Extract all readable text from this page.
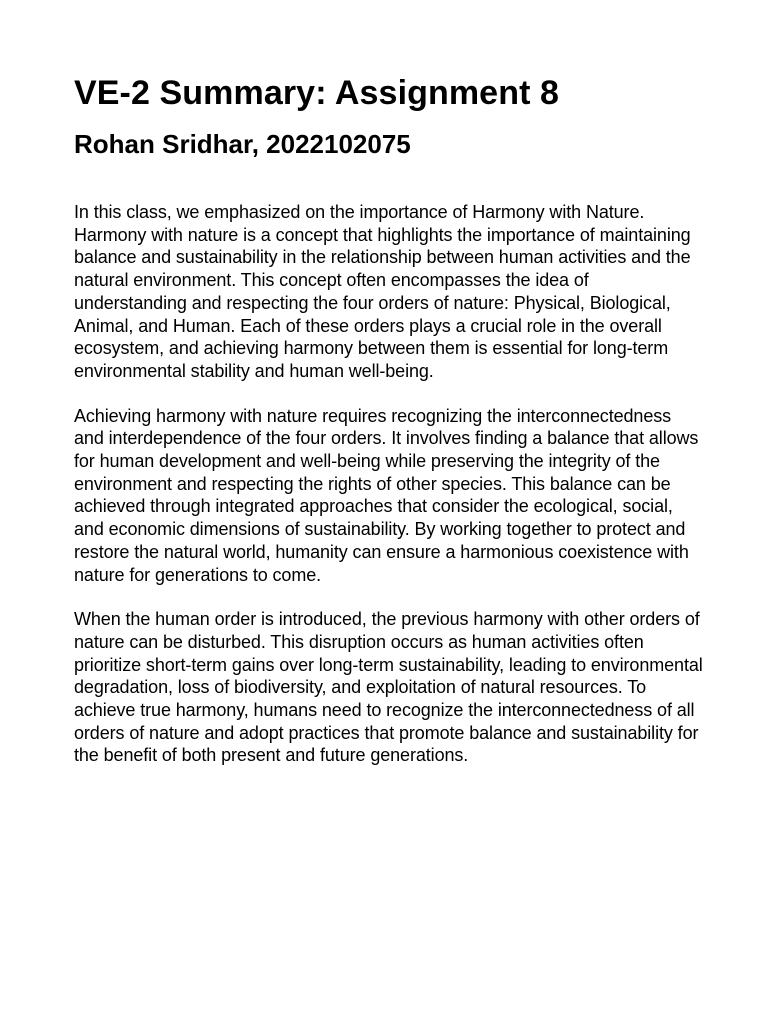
VE-2 Summary: Assignment 8
Rohan Sridhar, 2022102075

In this class, we emphasized on the importance of Harmony with Nature. Harmony with nature is a concept that highlights the importance of maintaining balance and sustainability in the relationship between human activities and the natural environment. This concept often encompasses the idea of understanding and respecting the four orders of nature: Physical, Biological, Animal, and Human. Each of these orders plays a crucial role in the overall ecosystem, and achieving harmony between them is essential for long-term environmental stability and human well-being.

Achieving harmony with nature requires recognizing the interconnectedness and interdependence of the four orders. It involves finding a balance that allows for human development and well-being while preserving the integrity of the environment and respecting the rights of other species. This balance can be achieved through integrated approaches that consider the ecological, social, and economic dimensions of sustainability. By working together to protect and restore the natural world, humanity can ensure a harmonious coexistence with nature for generations to come.

When the human order is introduced, the previous harmony with other orders of nature can be disturbed. This disruption occurs as human activities often prioritize short-term gains over long-term sustainability, leading to environmental degradation, loss of biodiversity, and exploitation of natural resources. To achieve true harmony, humans need to recognize the interconnectedness of all orders of nature and adopt practices that promote balance and sustainability for the benefit of both present and future generations.
